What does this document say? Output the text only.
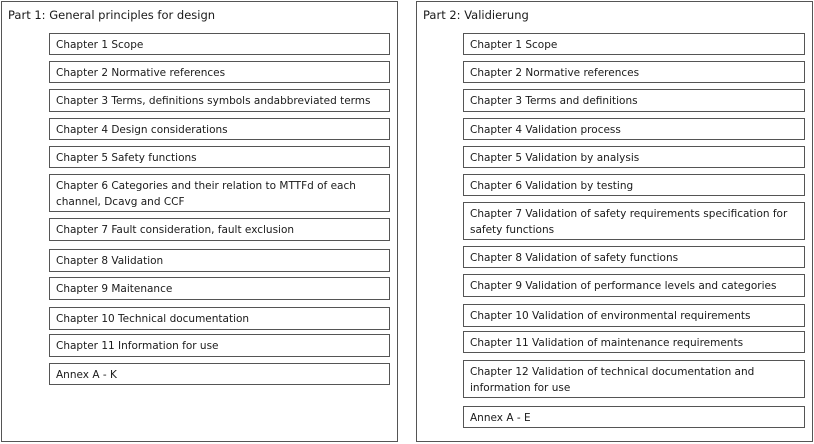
Part 1: General principles for design
Chapter 1 Scope
Chapter 2 Normative references
Chapter 3 Terms, definitions symbols andabbreviated terms
Chapter 4 Design considerations
Chapter 5 Safety functions
Chapter 6 Categories and their relation to MTTFd of each channel, Dcavg and CCF
Chapter 7 Fault consideration, fault exclusion
Chapter 8 Validation
Chapter 9 Maitenance
Chapter 10 Technical documentation
Chapter 11 Information for use
Annex A - K
Part 2: Validierung
Chapter 1 Scope
Chapter 2 Normative references
Chapter 3 Terms and definitions
Chapter 4 Validation process
Chapter 5 Validation by analysis
Chapter 6 Validation by testing
Chapter 7 Validation of safety requirements specification for safety functions
Chapter 8 Validation of safety functions
Chapter 9 Validation of performance levels and categories
Chapter 10 Validation of environmental requirements
Chapter 11 Validation of maintenance requirements
Chapter 12 Validation of technical documentation and information for use
Annex A - E
